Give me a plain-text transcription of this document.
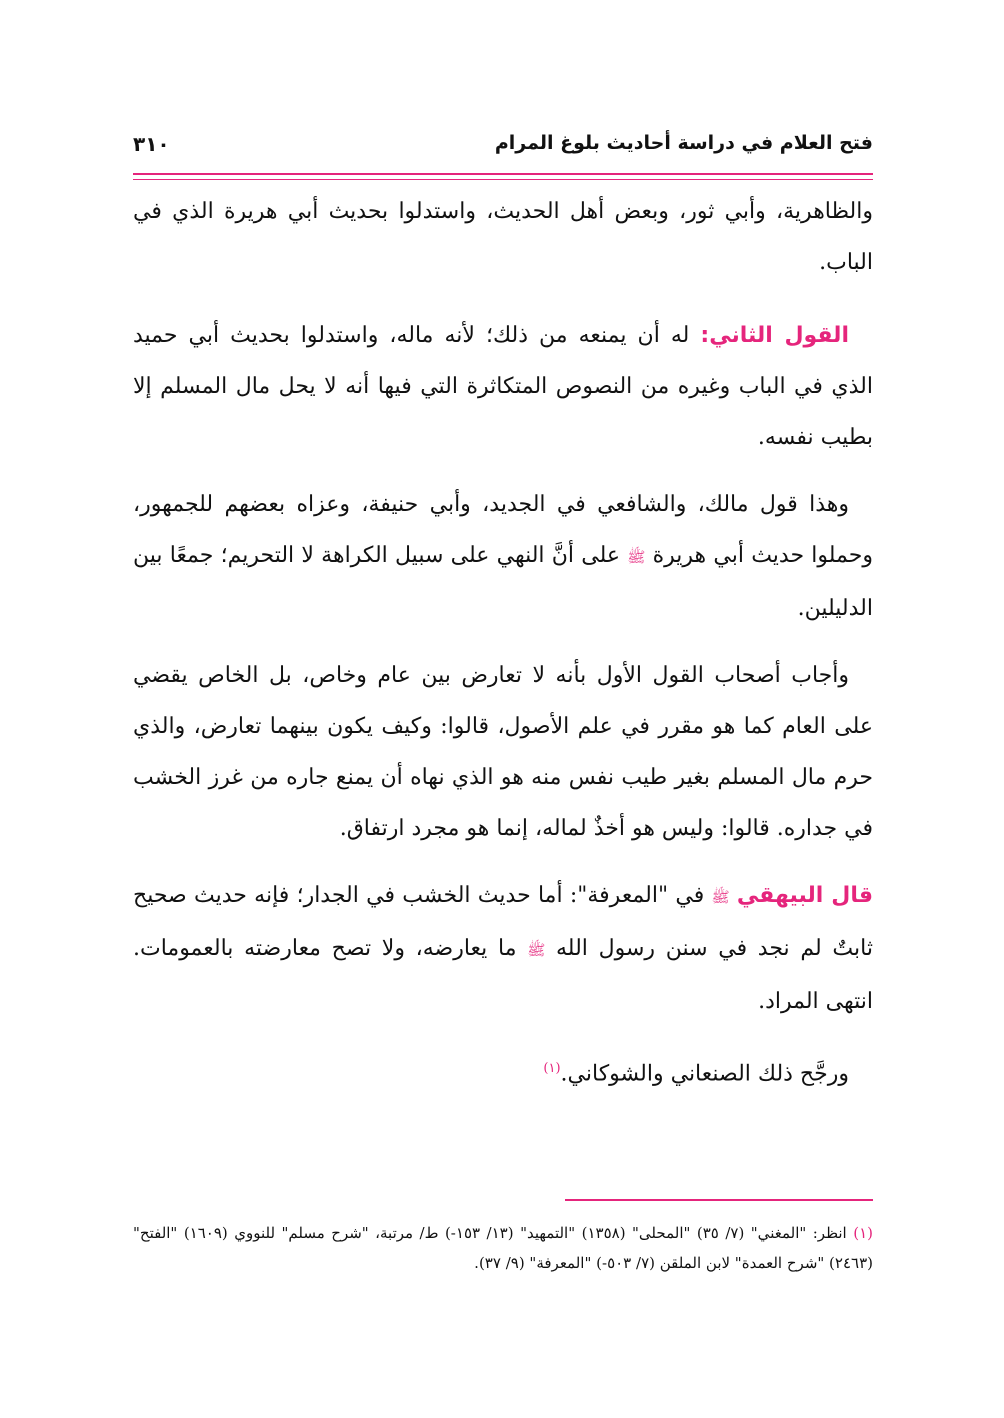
فتح العلام في دراسة أحاديث بلوغ المرام
٣١٠

والظاهرية، وأبي ثور، وبعض أهل الحديث، واستدلوا بحديث أبي هريرة الذي في الباب.

القول الثاني: له أن يمنعه من ذلك؛ لأنه ماله، واستدلوا بحديث أبي حميد الذي في الباب وغيره من النصوص المتكاثرة التي فيها أنه لا يحل مال المسلم إلا بطيب نفسه.

وهذا قول مالك، والشافعي في الجديد، وأبي حنيفة، وعزاه بعضهم للجمهور، وحملوا حديث أبي هريرة ﷺ على أنَّ النهي على سبيل الكراهة لا التحريم؛ جمعًا بين الدليلين.

وأجاب أصحاب القول الأول بأنه لا تعارض بين عام وخاص، بل الخاص يقضي على العام كما هو مقرر في علم الأصول، قالوا: وكيف يكون بينهما تعارض، والذي حرم مال المسلم بغير طيب نفس منه هو الذي نهاه أن يمنع جاره من غرز الخشب في جداره. قالوا: وليس هو أخذٌ لماله، إنما هو مجرد ارتفاق.

قال البيهقي ﷺ في "المعرفة": أما حديث الخشب في الجدار؛ فإنه حديث صحيح ثابتٌ لم نجد في سنن رسول الله ﷺ ما يعارضه، ولا تصح معارضته بالعمومات. انتهى المراد.

ورجَّح ذلك الصنعاني والشوكاني.$^{(١)}$

(١) انظر: "المغني" (٧/ ٣٥) "المحلى" (١٣٥٨) "التمهيد" (١٣/ ١٥٣-) ط/ مرتبة، "شرح مسلم" للنووي (١٦٠٩) "الفتح" (٢٤٦٣) "شرح العمدة" لابن الملقن (٧/ ٥٠٣-) "المعرفة" (٩/ ٣٧).
